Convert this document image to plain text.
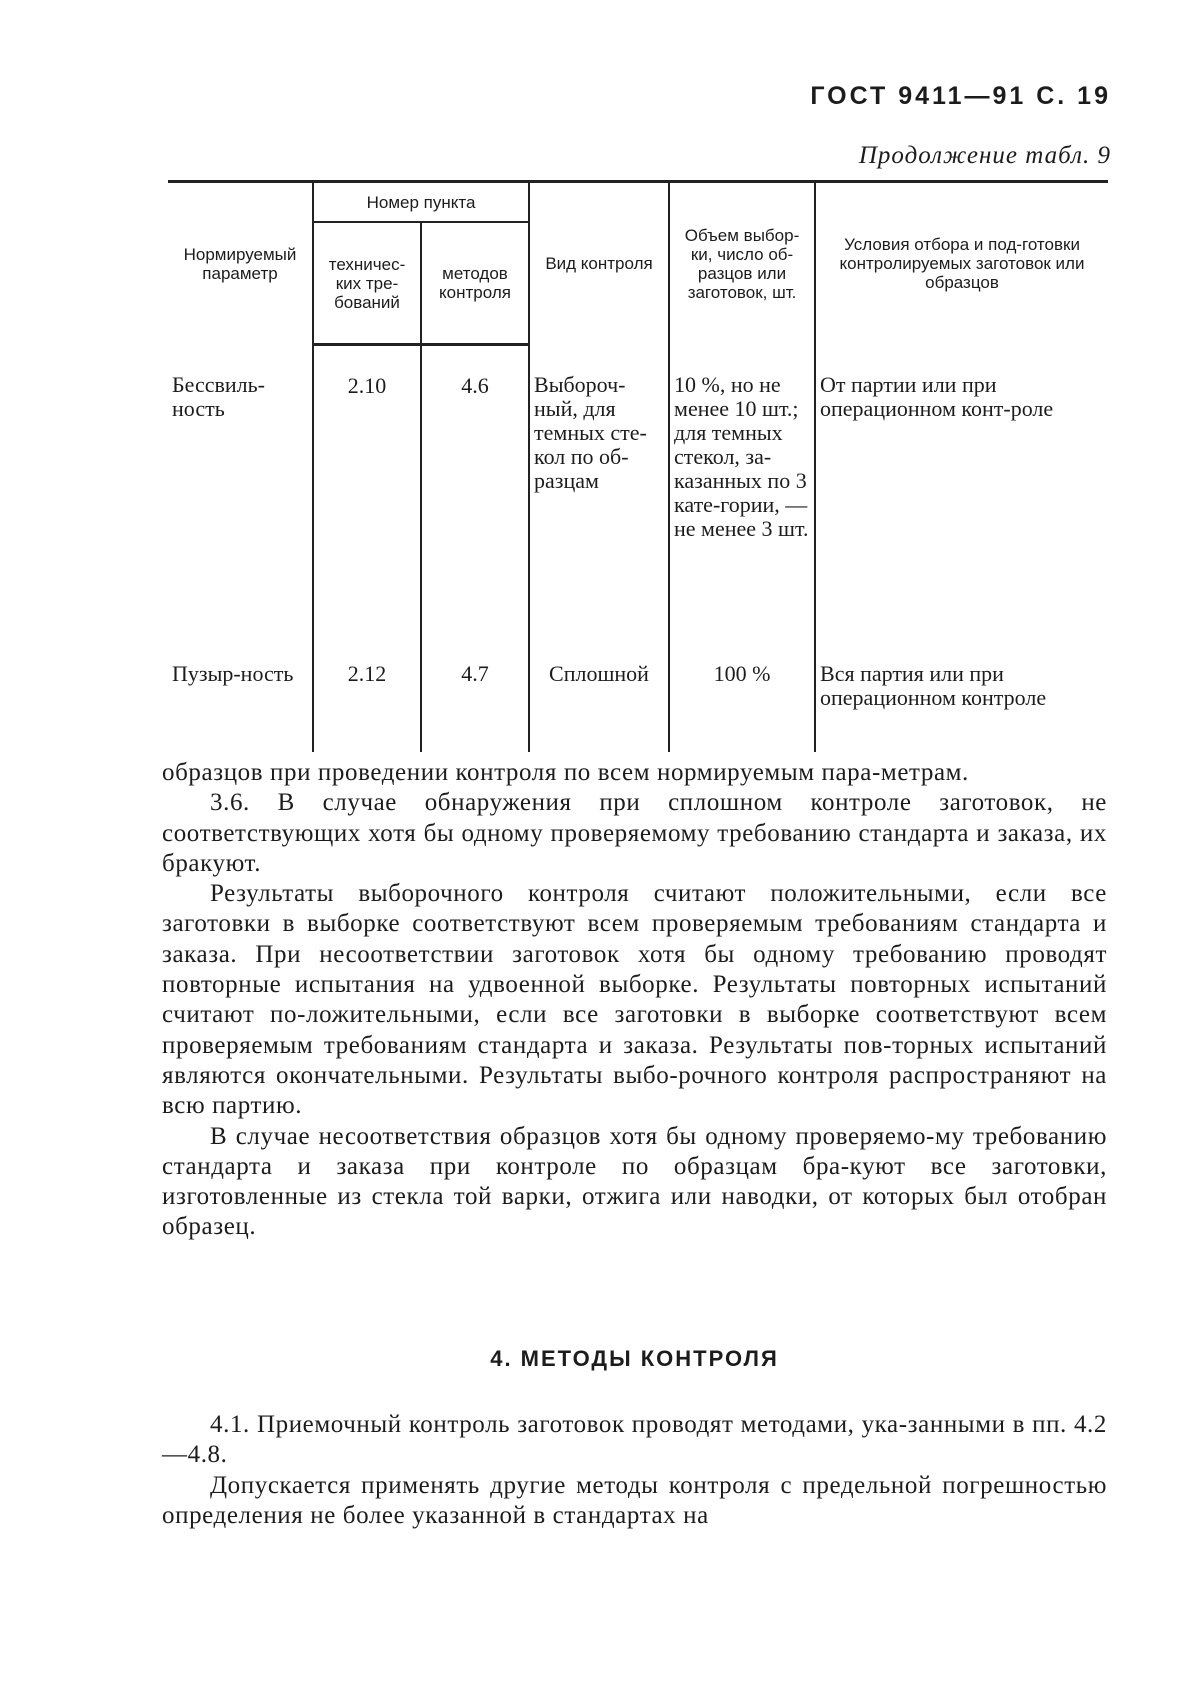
ГОСТ 9411—91 С. 19
Продолжение табл. 9
Нормируемый параметр	Номер пункта		Вид контроля	Объем выбор-ки, число об-разцов или заготовок, шт.	Условия отбора и под-готовки контролируемых заготовок или образцов
	техничес-ких тре-бований	методов контроля			
Бессвиль-ность	2.10	4.6	Выбороч-ный, для темных сте-кол по об-разцам	10 %, но не менее 10 шт.; для темных стекол, за-казанных по 3 кате-гории, — не менее 3 шт.	От партии или при операционном конт-роле
Пузыр-ность	2.12	4.7	Сплошной	100 %	Вся партия или при операционном контроле

образцов при проведении контроля по всем нормируемым пара-метрам.

3.6. В случае обнаружения при сплошном контроле заготовок, не соответствующих хотя бы одному проверяемому требованию стандарта и заказа, их бракуют.

Результаты выборочного контроля считают положительными, если все заготовки в выборке соответствуют всем проверяемым требованиям стандарта и заказа. При несоответствии заготовок хотя бы одному требованию проводят повторные испытания на удвоенной выборке. Результаты повторных испытаний считают по-ложительными, если все заготовки в выборке соответствуют всем проверяемым требованиям стандарта и заказа. Результаты пов-торных испытаний являются окончательными. Результаты выбо-рочного контроля распространяют на всю партию.

В случае несоответствия образцов хотя бы одному проверяемо-му требованию стандарта и заказа при контроле по образцам бра-куют все заготовки, изготовленные из стекла той варки, отжига или наводки, от которых был отобран образец.

4. МЕТОДЫ КОНТРОЛЯ

4.1. Приемочный контроль заготовок проводят методами, ука-занными в пп. 4.2—4.8.

Допускается применять другие методы контроля с предельной погрешностью определения не более указанной в стандартах на
